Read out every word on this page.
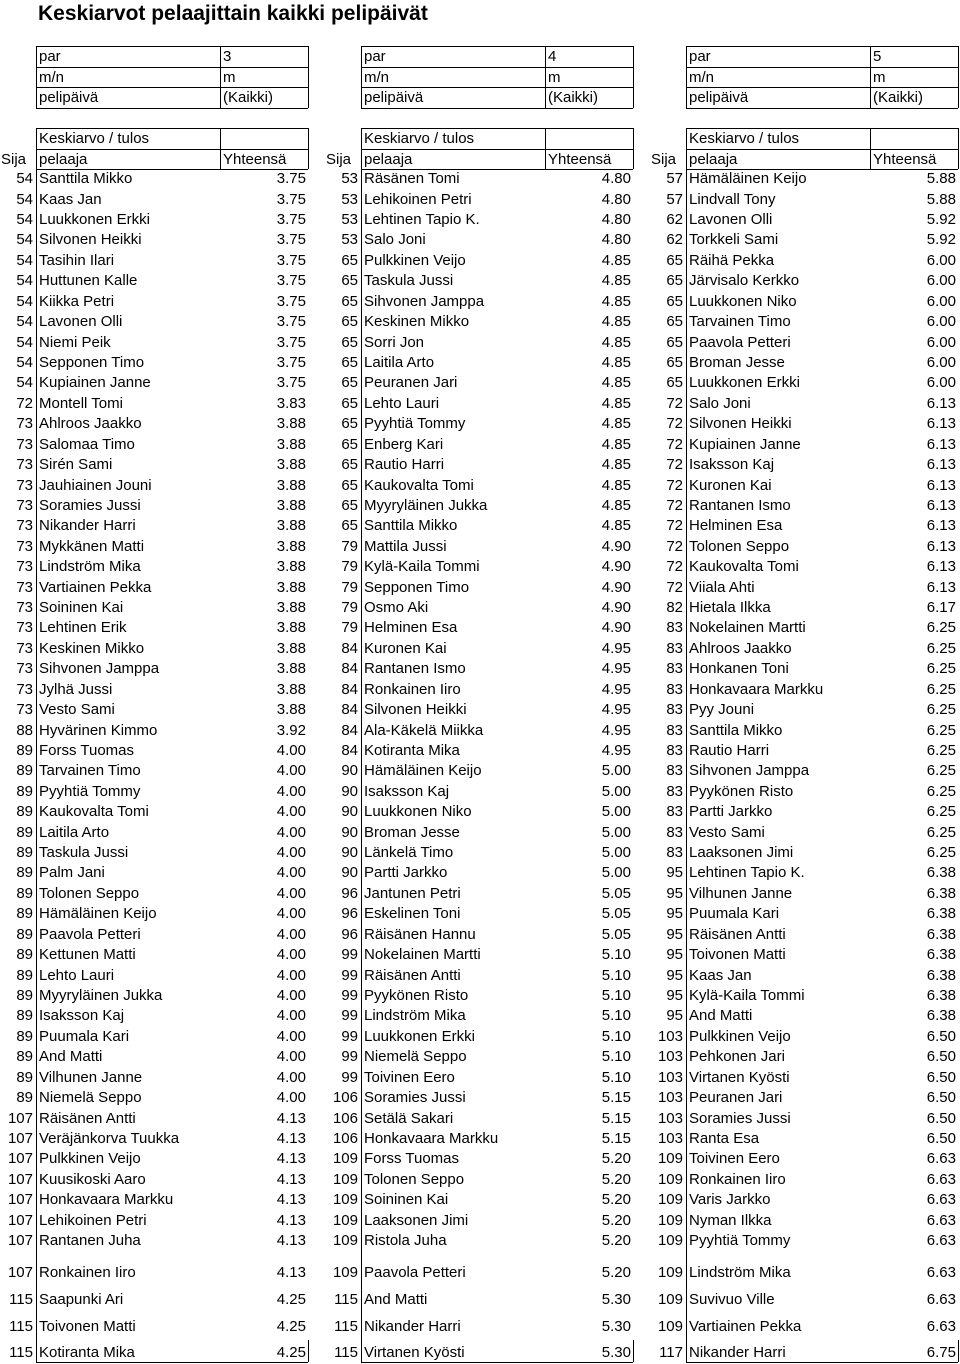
Keskiarvot pelaajittain kaikki pelipäivät
par	3
m/n	m
pelipäivä	(Kaikki)
Keskiarvo / tulos
Sija pelaaja	Yhteensä
54 Santtila Mikko	3.75
54 Kaas Jan	3.75
54 Luukkonen Erkki	3.75
54 Silvonen Heikki	3.75
54 Tasihin Ilari	3.75
54 Huttunen Kalle	3.75
54 Kiikka Petri	3.75
54 Lavonen Olli	3.75
54 Niemi Peik	3.75
54 Sepponen Timo	3.75
54 Kupiainen Janne	3.75
72 Montell Tomi	3.83
73 Ahlroos Jaakko	3.88
73 Salomaa Timo	3.88
73 Sirén Sami	3.88
73 Jauhiainen Jouni	3.88
73 Soramies Jussi	3.88
73 Nikander Harri	3.88
73 Mykkänen Matti	3.88
73 Lindström Mika	3.88
73 Vartiainen Pekka	3.88
73 Soininen Kai	3.88
73 Lehtinen Erik	3.88
73 Keskinen Mikko	3.88
73 Sihvonen Jamppa	3.88
73 Jylhä Jussi	3.88
73 Vesto Sami	3.88
88 Hyvärinen Kimmo	3.92
89 Forss Tuomas	4.00
89 Tarvainen Timo	4.00
89 Pyyhtiä Tommy	4.00
89 Kaukovalta Tomi	4.00
89 Laitila Arto	4.00
89 Taskula Jussi	4.00
89 Palm Jani	4.00
89 Tolonen Seppo	4.00
89 Hämäläinen Keijo	4.00
89 Paavola Petteri	4.00
89 Kettunen Matti	4.00
89 Lehto Lauri	4.00
89 Myyryläinen Jukka	4.00
89 Isaksson Kaj	4.00
89 Puumala Kari	4.00
89 And Matti	4.00
89 Vilhunen Janne	4.00
89 Niemelä Seppo	4.00
107 Räisänen Antti	4.13
107 Veräjänkorva Tuukka	4.13
107 Pulkkinen Veijo	4.13
107 Kuusikoski Aaro	4.13
107 Honkavaara Markku	4.13
107 Lehikoinen Petri	4.13
107 Rantanen Juha	4.13
107 Ronkainen Iiro	4.13
115 Saapunki Ari	4.25
115 Toivonen Matti	4.25
115 Kotiranta Mika	4.25
par	4
m/n	m
pelipäivä	(Kaikki)
Keskiarvo / tulos
Sija pelaaja	Yhteensä
53 Räsänen Tomi	4.80
53 Lehikoinen Petri	4.80
53 Lehtinen Tapio K.	4.80
53 Salo Joni	4.80
65 Pulkkinen Veijo	4.85
65 Taskula Jussi	4.85
65 Sihvonen Jamppa	4.85
65 Keskinen Mikko	4.85
65 Sorri Jon	4.85
65 Laitila Arto	4.85
65 Peuranen Jari	4.85
65 Lehto Lauri	4.85
65 Pyyhtiä Tommy	4.85
65 Enberg Kari	4.85
65 Rautio Harri	4.85
65 Kaukovalta Tomi	4.85
65 Myyryläinen Jukka	4.85
65 Santtila Mikko	4.85
79 Mattila Jussi	4.90
79 Kylä-Kaila Tommi	4.90
79 Sepponen Timo	4.90
79 Osmo Aki	4.90
79 Helminen Esa	4.90
84 Kuronen Kai	4.95
84 Rantanen Ismo	4.95
84 Ronkainen Iiro	4.95
84 Silvonen Heikki	4.95
84 Ala-Käkelä Miikka	4.95
84 Kotiranta Mika	4.95
90 Hämäläinen Keijo	5.00
90 Isaksson Kaj	5.00
90 Luukkonen Niko	5.00
90 Broman Jesse	5.00
90 Länkelä Timo	5.00
90 Partti Jarkko	5.00
96 Jantunen Petri	5.05
96 Eskelinen Toni	5.05
96 Räisänen Hannu	5.05
99 Nokelainen Martti	5.10
99 Räisänen Antti	5.10
99 Pyykönen Risto	5.10
99 Lindström Mika	5.10
99 Luukkonen Erkki	5.10
99 Niemelä Seppo	5.10
99 Toivinen Eero	5.10
106 Soramies Jussi	5.15
106 Setälä Sakari	5.15
106 Honkavaara Markku	5.15
109 Forss Tuomas	5.20
109 Tolonen Seppo	5.20
109 Soininen Kai	5.20
109 Laaksonen Jimi	5.20
109 Ristola Juha	5.20
109 Paavola Petteri	5.20
115 And Matti	5.30
115 Nikander Harri	5.30
115 Virtanen Kyösti	5.30
par	5
m/n	m
pelipäivä	(Kaikki)
Keskiarvo / tulos
Sija pelaaja	Yhteensä
57 Hämäläinen Keijo	5.88
57 Lindvall Tony	5.88
62 Lavonen Olli	5.92
62 Torkkeli Sami	5.92
65 Räihä Pekka	6.00
65 Järvisalo Kerkko	6.00
65 Luukkonen Niko	6.00
65 Tarvainen Timo	6.00
65 Paavola Petteri	6.00
65 Broman Jesse	6.00
65 Luukkonen Erkki	6.00
72 Salo Joni	6.13
72 Silvonen Heikki	6.13
72 Kupiainen Janne	6.13
72 Isaksson Kaj	6.13
72 Kuronen Kai	6.13
72 Rantanen Ismo	6.13
72 Helminen Esa	6.13
72 Tolonen Seppo	6.13
72 Kaukovalta Tomi	6.13
72 Viiala Ahti	6.13
82 Hietala Ilkka	6.17
83 Nokelainen Martti	6.25
83 Ahlroos Jaakko	6.25
83 Honkanen Toni	6.25
83 Honkavaara Markku	6.25
83 Pyy Jouni	6.25
83 Santtila Mikko	6.25
83 Rautio Harri	6.25
83 Sihvonen Jamppa	6.25
83 Pyykönen Risto	6.25
83 Partti Jarkko	6.25
83 Vesto Sami	6.25
83 Laaksonen Jimi	6.25
95 Lehtinen Tapio K.	6.38
95 Vilhunen Janne	6.38
95 Puumala Kari	6.38
95 Räisänen Antti	6.38
95 Toivonen Matti	6.38
95 Kaas Jan	6.38
95 Kylä-Kaila Tommi	6.38
95 And Matti	6.38
103 Pulkkinen Veijo	6.50
103 Pehkonen Jari	6.50
103 Virtanen Kyösti	6.50
103 Peuranen Jari	6.50
103 Soramies Jussi	6.50
103 Ranta Esa	6.50
109 Toivinen Eero	6.63
109 Ronkainen Iiro	6.63
109 Varis Jarkko	6.63
109 Nyman Ilkka	6.63
109 Pyyhtiä Tommy	6.63
109 Lindström Mika	6.63
109 Suvivuo Ville	6.63
109 Vartiainen Pekka	6.63
117 Nikander Harri	6.75
